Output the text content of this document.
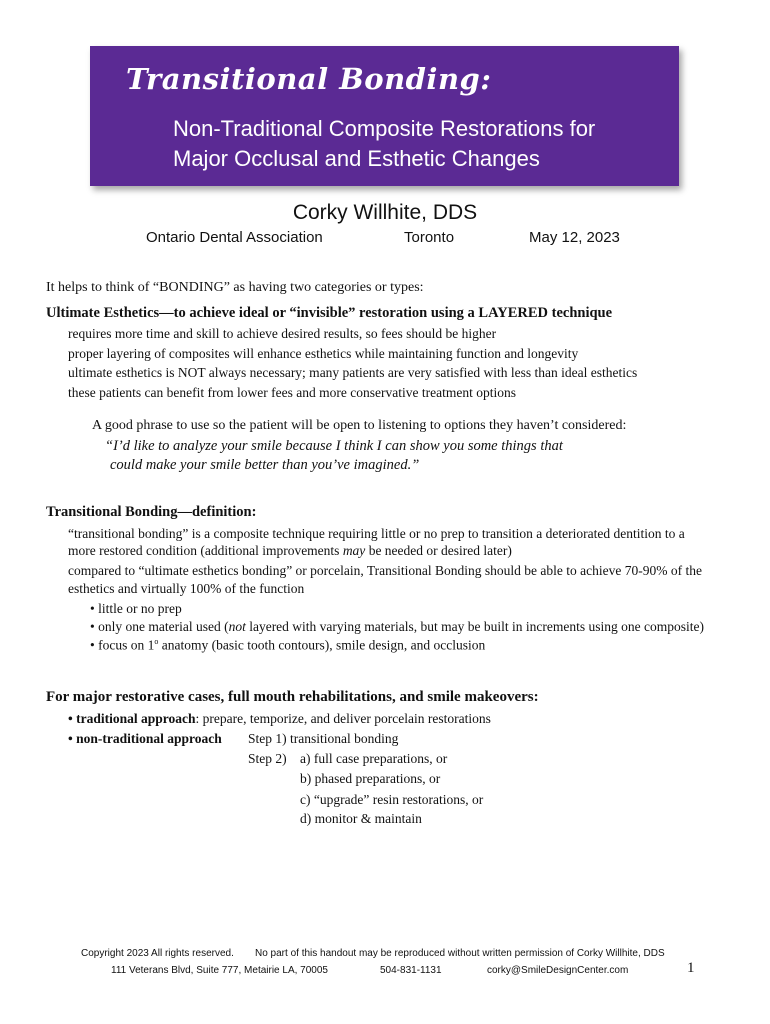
Transitional Bonding:
Non-Traditional Composite Restorations for
Major Occlusal and Esthetic Changes
Corky Willhite, DDS
Ontario Dental Association	Toronto	May 12, 2023
It helps to think of “BONDING” as having two categories or types:
Ultimate Esthetics—to achieve ideal or “invisible” restoration using a LAYERED technique
requires more time and skill to achieve desired results, so fees should be higher
proper layering of composites will enhance esthetics while maintaining function and longevity
ultimate esthetics is NOT always necessary; many patients are very satisfied with less than ideal esthetics
these patients can benefit from lower fees and more conservative treatment options
A good phrase to use so the patient will be open to listening to options they haven’t considered:
“I’d like to analyze your smile because I think I can show you some things that
could make your smile better than you’ve imagined.”
Transitional Bonding—definition:
“transitional bonding” is a composite technique requiring little or no prep to transition a deteriorated dentition to a
more restored condition (additional improvements may be needed or desired later)
compared to “ultimate esthetics bonding” or porcelain, Transitional Bonding should be able to achieve 70-90% of the
esthetics and virtually 100% of the function
• little or no prep
• only one material used (not layered with varying materials, but may be built in increments using one composite)
• focus on 1$^o$ anatomy (basic tooth contours), smile design, and occlusion
For major restorative cases, full mouth rehabilitations, and smile makeovers:
• traditional approach: prepare, temporize, and deliver porcelain restorations
• non-traditional approach Step 1) transitional bonding
Step 2) a) full case preparations, or
b) phased preparations, or
c) “upgrade” resin restorations, or
d) monitor & maintain
Copyright 2023 All rights reserved. No part of this handout may be reproduced without written permission of Corky Willhite, DDS
111 Veterans Blvd, Suite 777, Metairie LA, 70005	504-831-1131	corky@SmileDesignCenter.com	1
